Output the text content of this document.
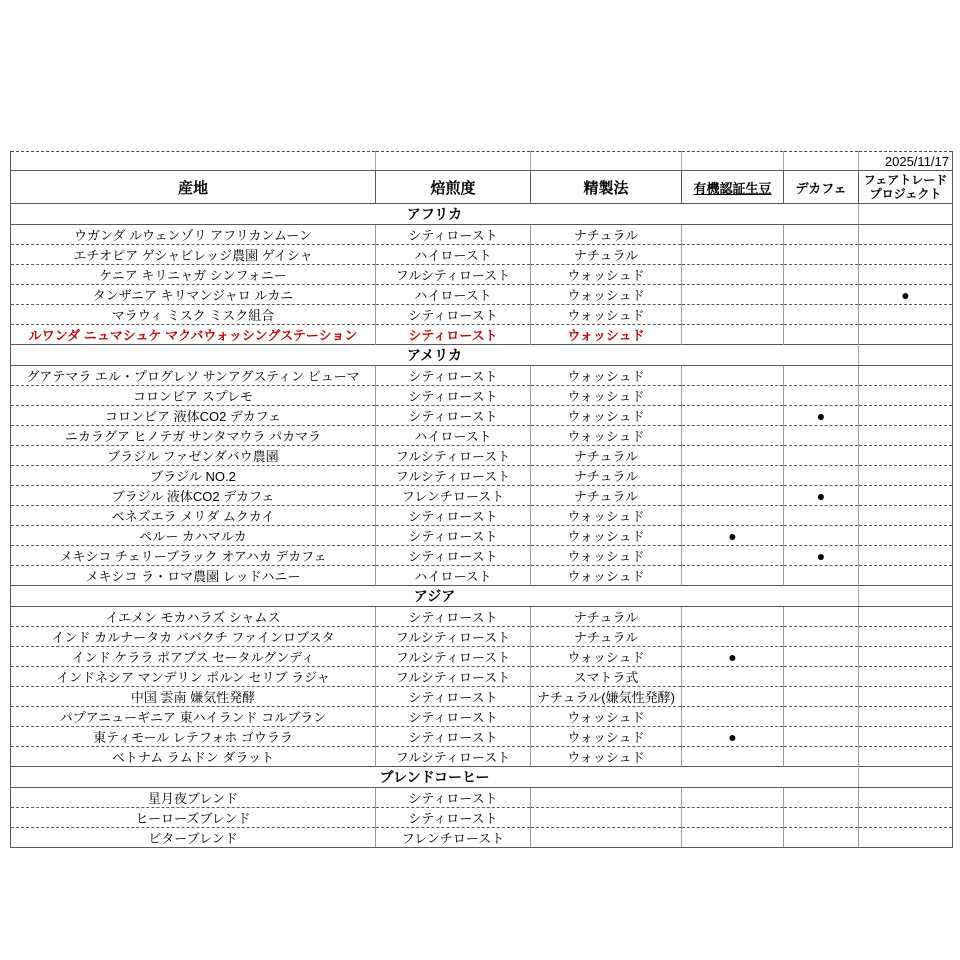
					2025/11/17
産地	焙煎度	精製法	有機認証生豆	デカフェ	フェアトレード
プロジェクト
アフリカ					
ウガンダ ルウェンゾリ アフリカンムーン	シティロースト	ナチュラル			
エチオピア ゲシャビレッジ農園 ゲイシャ	ハイロースト	ナチュラル			
ケニア キリニャガ シンフォニー	フルシティロースト	ウォッシュド			
タンザニア キリマンジャロ ルカニ	ハイロースト	ウォッシュド			●
マラウィ ミスク ミスク組合	シティロースト	ウォッシュド			
ルワンダ ニュマシュケ マクバウォッシングステーション	シティロースト	ウォッシュド			
アメリカ					
グアテマラ エル・プログレソ サンアグスティン ビューマ	シティロースト	ウォッシュド			
コロンビア スプレモ	シティロースト	ウォッシュド			
コロンビア 液体CO2 デカフェ	シティロースト	ウォッシュド		●	
ニカラグア ヒノテガ サンタマウラ パカマラ	ハイロースト	ウォッシュド			
ブラジル ファゼンダバウ農園	フルシティロースト	ナチュラル			
ブラジル NO.2	フルシティロースト	ナチュラル			
ブラジル 液体CO2 デカフェ	フレンチロースト	ナチュラル		●	
ベネズエラ メリダ ムクカイ	シティロースト	ウォッシュド			
ペルー カハマルカ	シティロースト	ウォッシュド	●		
メキシコ チェリーブラック オアハカ デカフェ	シティロースト	ウォッシュド		●	
メキシコ ラ・ロマ農園 レッドハニー	ハイロースト	ウォッシュド			
アジア					
イエメン モカハラズ シャムス	シティロースト	ナチュラル			
インド カルナータカ ババクチ ファインロブスタ	フルシティロースト	ナチュラル			
インド ケララ ポアブス セータルグンディ	フルシティロースト	ウォッシュド	●		
インドネシア マンデリン ポルン セリブ ラジャ	フルシティロースト	スマトラ式			
中国 雲南 嫌気性発酵	シティロースト	ナチュラル(嫌気性発酵)			
パプアニューギニア 東ハイランド コルブラン	シティロースト	ウォッシュド			
東ティモール レテフォホ ゴウララ	シティロースト	ウォッシュド	●		
ベトナム ラムドン ダラット	フルシティロースト	ウォッシュド			
ブレンドコーヒー					
星月夜ブレンド	シティロースト				
ヒーローズブレンド	シティロースト				
ビターブレンド	フレンチロースト				
